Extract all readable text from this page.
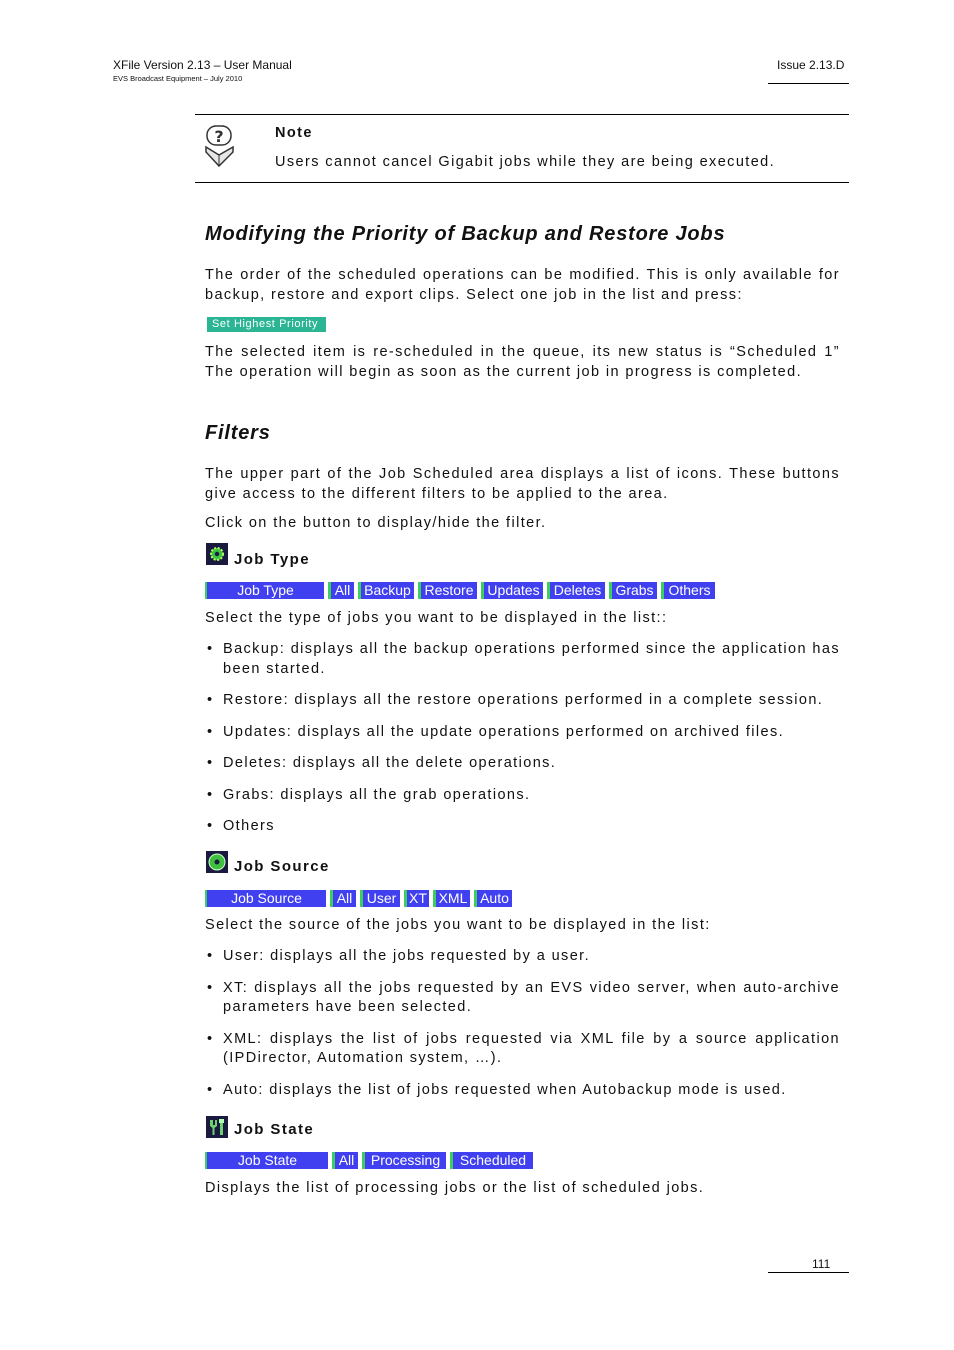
XFile Version 2.13 – User Manual
EVS Broadcast Equipment – July 2010
Issue 2.13.D
?	Note
Users cannot cancel Gigabit jobs while they are being executed.
Modifying the Priority of Backup and Restore Jobs
The order of the scheduled operations can be modified. This is only available for backup, restore and export clips. Select one job in the list and press:
Set Highest Priority
The selected item is re-scheduled in the queue, its new status is “Scheduled 1” The operation will begin as soon as the current job in progress is completed.
Filters
The upper part of the Job Scheduled area displays a list of icons. These buttons give access to the different filters to be applied to the area.
Click on the button to display/hide the filter.
Job Type
Job Type	All Backup Restore Updates	Deletes	Grabs	Others
Select the type of jobs you want to be displayed in the list::
• Backup: displays all the backup operations performed since the application has been started.
• Restore: displays all the restore operations performed in a complete session.
• Updates: displays all the update operations performed on archived files.
• Deletes: displays all the delete operations.
• Grabs: displays all the grab operations.
• Others
Job Source
Job Source	All	User XT XML Auto
Select the source of the jobs you want to be displayed in the list:
• User: displays all the jobs requested by a user.
• XT: displays all the jobs requested by an EVS video server, when auto-archive parameters have been selected.
• XML: displays the list of jobs requested via XML file by a source application (IPDirector, Automation system, …).
• Auto: displays the list of jobs requested when Autobackup mode is used.
Job State
Job State	All	Processing	Scheduled
Displays the list of processing jobs or the list of scheduled jobs.
111
